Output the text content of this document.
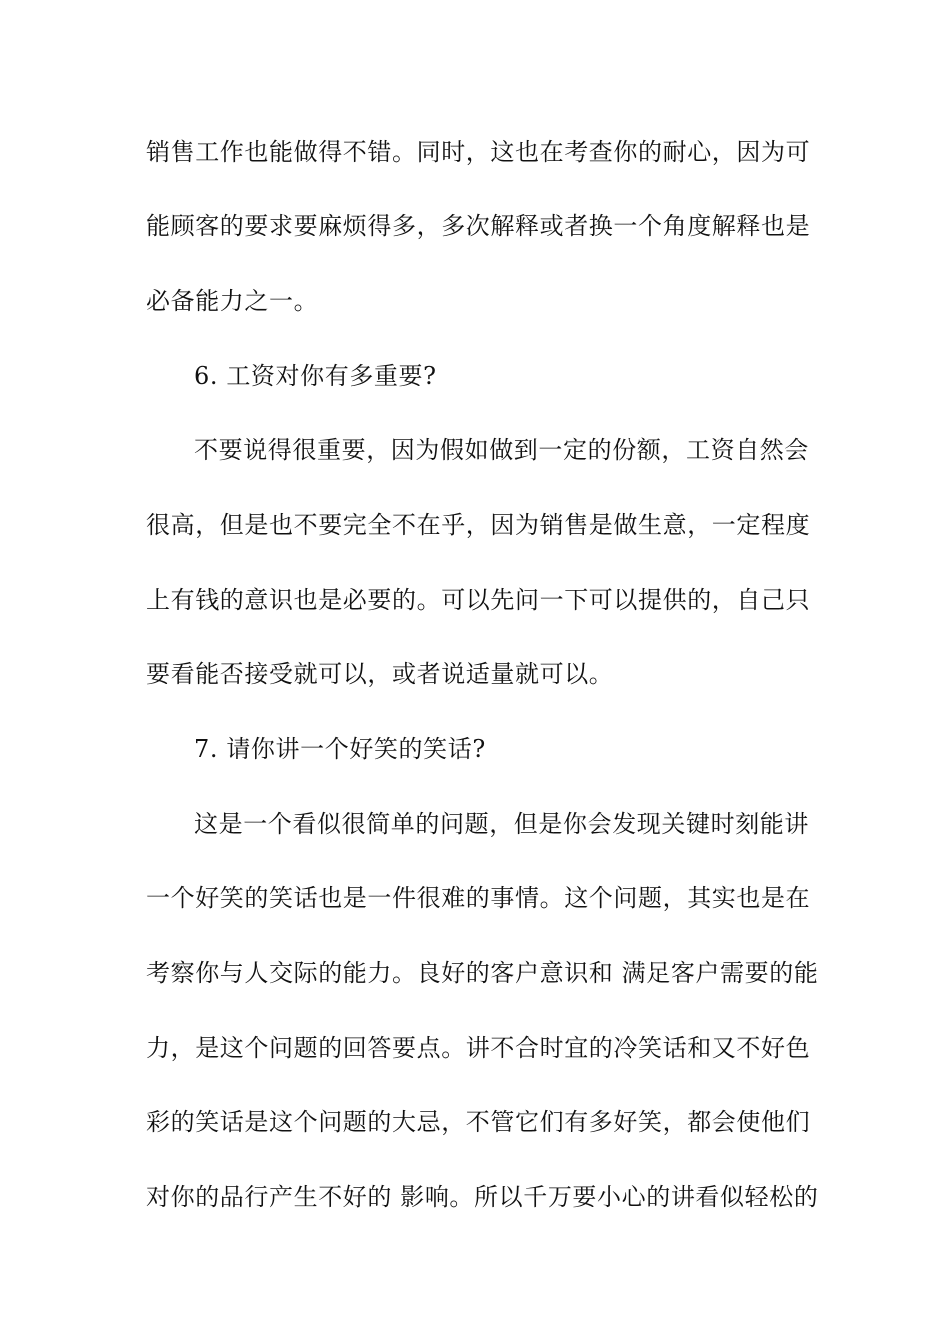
销售工作也能做得不错。同时，这也在考查你的耐心，因为可
能顾客的要求要麻烦得多，多次解释或者换一个角度解释也是
必备能力之一。
6. 工资对你有多重要?
不要说得很重要，因为假如做到一定的份额，工资自然会
很高，但是也不要完全不在乎，因为销售是做生意，一定程度
上有钱的意识也是必要的。可以先问一下可以提供的，自己只
要看能否接受就可以，或者说适量就可以。
7. 请你讲一个好笑的笑话?
这是一个看似很简单的问题，但是你会发现关键时刻能讲
一个好笑的笑话也是一件很难的事情。这个问题，其实也是在
考察你与人交际的能力。良好的客户意识和 满足客户需要的能
力，是这个问题的回答要点。讲不合时宜的冷笑话和又不好色
彩的笑话是这个问题的大忌，不管它们有多好笑，都会使他们
对你的品行产生不好的 影响。所以千万要小心的讲看似轻松的
